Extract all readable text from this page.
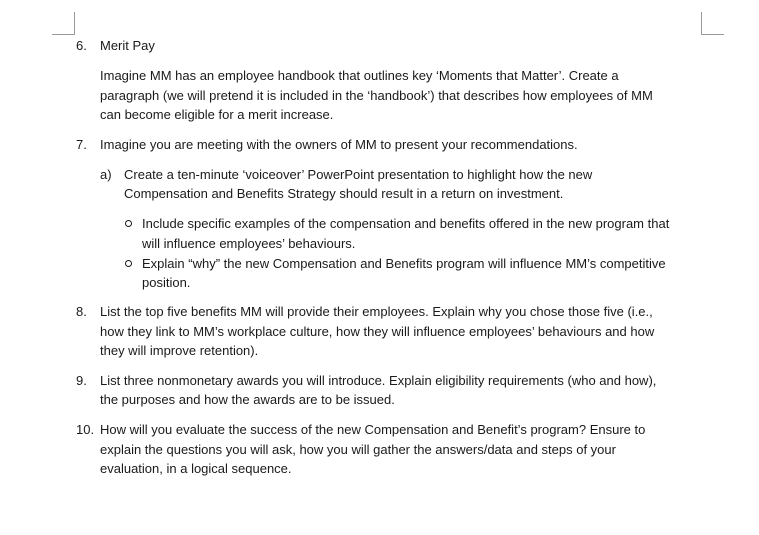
6. Merit Pay
Imagine MM has an employee handbook that outlines key ‘Moments that Matter’. Create a
paragraph (we will pretend it is included in the ‘handbook’) that describes how employees of MM
can become eligible for a merit increase.
7. Imagine you are meeting with the owners of MM to present your recommendations.
a) Create a ten-minute ‘voiceover’ PowerPoint presentation to highlight how the new
Compensation and Benefits Strategy should result in a return on investment.
Include specific examples of the compensation and benefits offered in the new program that
will influence employees’ behaviours.
Explain “why” the new Compensation and Benefits program will influence MM’s competitive
position.
8. List the top five benefits MM will provide their employees. Explain why you chose those five (i.e.,
how they link to MM’s workplace culture, how they will influence employees’ behaviours and how
they will improve retention).
9. List three nonmonetary awards you will introduce. Explain eligibility requirements (who and how),
the purposes and how the awards are to be issued.
10. How will you evaluate the success of the new Compensation and Benefit’s program? Ensure to
explain the questions you will ask, how you will gather the answers/data and steps of your
evaluation, in a logical sequence.
